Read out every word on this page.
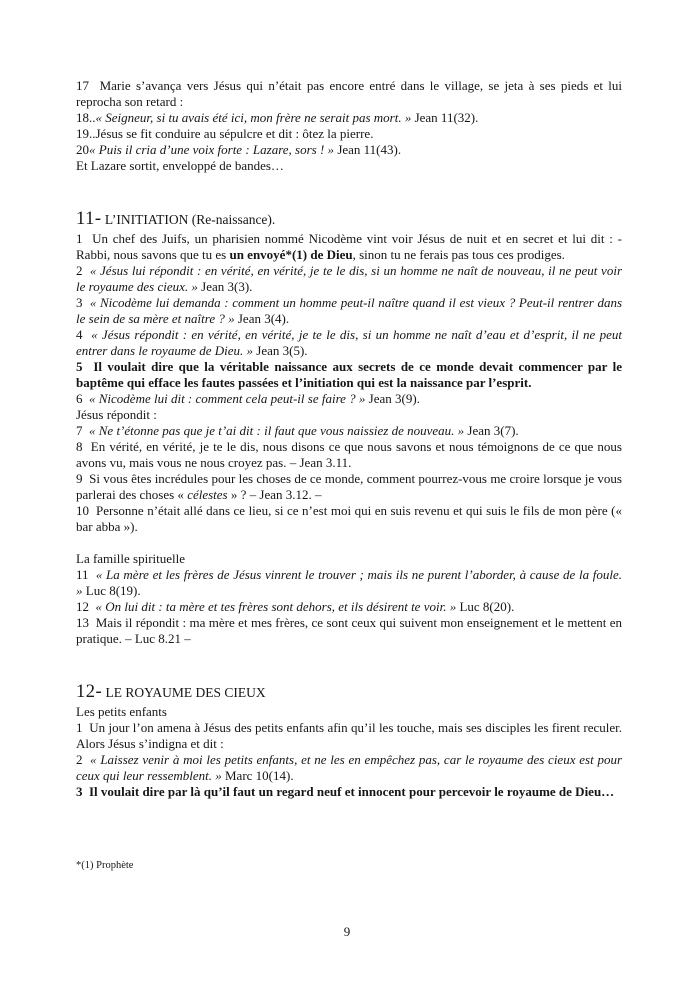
17  Marie s’avança vers Jésus qui n’était pas encore entré dans le village, se jeta à ses pieds et lui reprocha son retard :
18..« Seigneur, si tu avais été ici, mon frère ne serait pas mort. » Jean 11(32).
19..Jésus se fit conduire au sépulcre et dit : ôtez la pierre.
20« Puis il cria d’une voix forte : Lazare, sors ! » Jean 11(43).
Et Lazare sortit, enveloppé de bandes…
11- L’INITIATION (Re-naissance).
1  Un chef des Juifs, un pharisien nommé Nicodème vint voir Jésus de nuit et en secret et lui dit : - Rabbi, nous savons que tu es un envoyé*(1) de Dieu, sinon tu ne ferais pas tous ces prodiges.
2  « Jésus lui répondit : en vérité, en vérité, je te le dis, si un homme ne naît de nouveau, il ne peut voir le royaume des cieux. » Jean 3(3).
3  « Nicodème lui demanda : comment un homme peut-il naître quand il est vieux ? Peut-il rentrer dans le sein de sa mère et naître ? » Jean 3(4).
4  « Jésus répondit : en vérité, en vérité, je te le dis, si un homme ne naît d’eau et d’esprit, il ne peut entrer dans le royaume de Dieu. » Jean 3(5).
5  Il voulait dire que la véritable naissance aux secrets de ce monde devait commencer par le baptême qui efface les fautes passées et l’initiation qui est la naissance par l’esprit.
6  « Nicodème lui dit : comment cela peut-il se faire ? » Jean 3(9).
Jésus répondit :
7  « Ne t’étonne pas que je t’ai dit : il faut que vous naissiez de nouveau. » Jean 3(7).
8  En vérité, en vérité, je te le dis, nous disons ce que nous savons et nous témoignons de ce que nous avons vu, mais vous ne nous croyez pas. – Jean 3.11.
9  Si vous êtes incrédules pour les choses de ce monde, comment pourrez-vous me croire lorsque je vous parlerai des choses « célestes » ? – Jean 3.12. –
10  Personne n’était allé dans ce lieu, si ce n’est moi qui en suis revenu et qui suis le fils de mon père (« bar abba »).
La famille spirituelle
11  « La mère et les frères de Jésus vinrent le trouver ; mais ils ne purent l’aborder, à cause de la foule. » Luc 8(19).
12  « On lui dit : ta mère et tes frères sont dehors, et ils désirent te voir. » Luc 8(20).
13  Mais il répondit : ma mère et mes frères, ce sont ceux qui suivent mon enseignement et le mettent en pratique. – Luc 8.21 –
12- LE ROYAUME DES CIEUX
Les petits enfants
1  Un jour l’on amena à Jésus des petits enfants afin qu’il les touche, mais ses disciples les firent reculer. Alors Jésus s’indigna et dit :
2  « Laissez venir à moi les petits enfants, et ne les en empêchez pas, car le royaume des cieux est pour ceux qui leur ressemblent. » Marc 10(14).
3  Il voulait dire par là qu’il faut un regard neuf et innocent pour percevoir le royaume de Dieu…
*(1) Prophète
9
